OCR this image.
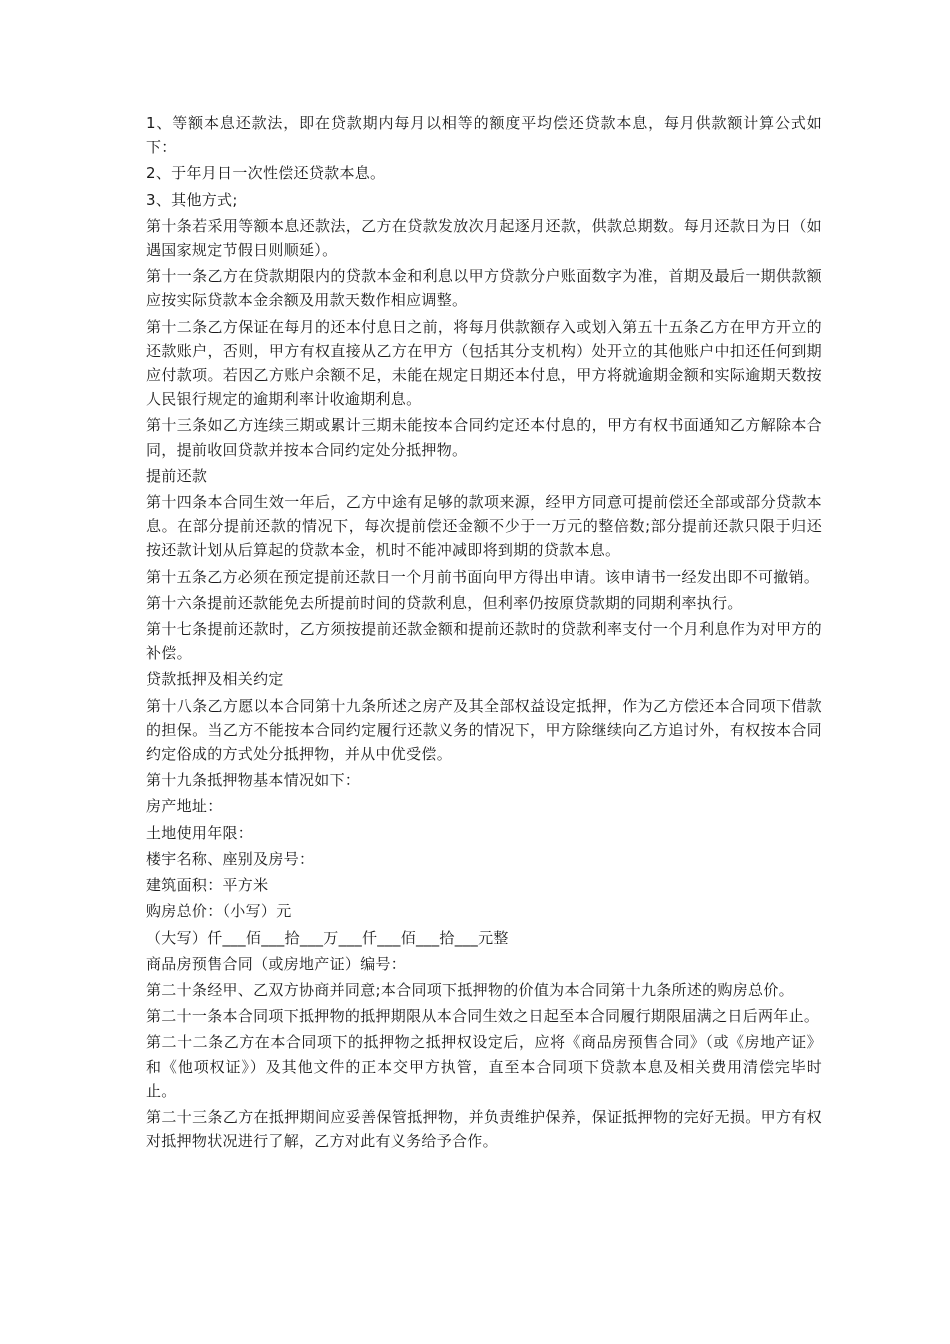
1、等额本息还款法，即在贷款期内每月以相等的额度平均偿还贷款本息，每月供款额计算公式如下：

2、于年月日一次性偿还贷款本息。

3、其他方式;

第十条若采用等额本息还款法，乙方在贷款发放次月起逐月还款，供款总期数。每月还款日为日（如遇国家规定节假日则顺延）。

第十一条乙方在贷款期限内的贷款本金和利息以甲方贷款分户账面数字为准，首期及最后一期供款额应按实际贷款本金余额及用款天数作相应调整。

第十二条乙方保证在每月的还本付息日之前，将每月供款额存入或划入第五十五条乙方在甲方开立的还款账户，否则，甲方有权直接从乙方在甲方（包括其分支机构）处开立的其他账户中扣还任何到期应付款项。若因乙方账户余额不足，未能在规定日期还本付息，甲方将就逾期金额和实际逾期天数按人民银行规定的逾期利率计收逾期利息。

第十三条如乙方连续三期或累计三期未能按本合同约定还本付息的，甲方有权书面通知乙方解除本合同，提前收回贷款并按本合同约定处分抵押物。

提前还款

第十四条本合同生效一年后，乙方中途有足够的款项来源，经甲方同意可提前偿还全部或部分贷款本息。在部分提前还款的情况下，每次提前偿还金额不少于一万元的整倍数;部分提前还款只限于归还按还款计划从后算起的贷款本金，机时不能冲减即将到期的贷款本息。

第十五条乙方必须在预定提前还款日一个月前书面向甲方得出申请。该申请书一经发出即不可撤销。

第十六条提前还款能免去所提前时间的贷款利息，但利率仍按原贷款期的同期利率执行。

第十七条提前还款时，乙方须按提前还款金额和提前还款时的贷款利率支付一个月利息作为对甲方的补偿。

贷款抵押及相关约定

第十八条乙方愿以本合同第十九条所述之房产及其全部权益设定抵押，作为乙方偿还本合同项下借款的担保。当乙方不能按本合同约定履行还款义务的情况下，甲方除继续向乙方追讨外，有权按本合同约定俗成的方式处分抵押物，并从中优受偿。

第十九条抵押物基本情况如下：

房产地址：

土地使用年限：

楼宇名称、座别及房号：

建筑面积：平方米

购房总价：（小写）元

（大写）仟___佰___拾___万___仟___佰___拾___元整

商品房预售合同（或房地产证）编号：

第二十条经甲、乙双方协商并同意;本合同项下抵押物的价值为本合同第十九条所述的购房总价。

第二十一条本合同项下抵押物的抵押期限从本合同生效之日起至本合同履行期限届满之日后两年止。

第二十二条乙方在本合同项下的抵押物之抵押权设定后，应将《商品房预售合同》（或《房地产证》和《他项权证》）及其他文件的正本交甲方执管，直至本合同项下贷款本息及相关费用清偿完毕时止。

第二十三条乙方在抵押期间应妥善保管抵押物，并负责维护保养，保证抵押物的完好无损。甲方有权对抵押物状况进行了解，乙方对此有义务给予合作。
